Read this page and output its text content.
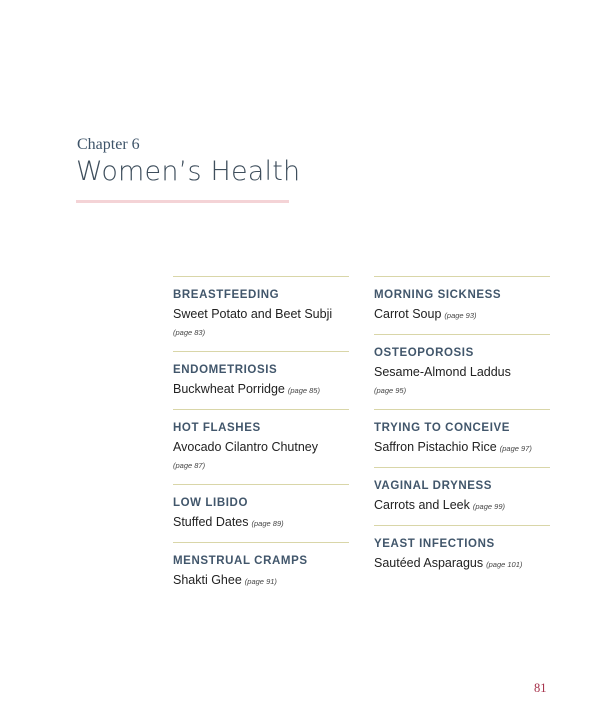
Chapter 6
Women’s Health
BREASTFEEDING
Sweet Potato and Beet Subji
(page 83)
ENDOMETRIOSIS
Buckwheat Porridge (page 85)
HOT FLASHES
Avocado Cilantro Chutney
(page 87)
LOW LIBIDO
Stuffed Dates (page 89)
MENSTRUAL CRAMPS
Shakti Ghee (page 91)
MORNING SICKNESS
Carrot Soup (page 93)
OSTEOPOROSIS
Sesame-Almond Laddus
(page 95)
TRYING TO CONCEIVE
Saffron Pistachio Rice (page 97)
VAGINAL DRYNESS
Carrots and Leek (page 99)
YEAST INFECTIONS
Sautéed Asparagus (page 101)
81
